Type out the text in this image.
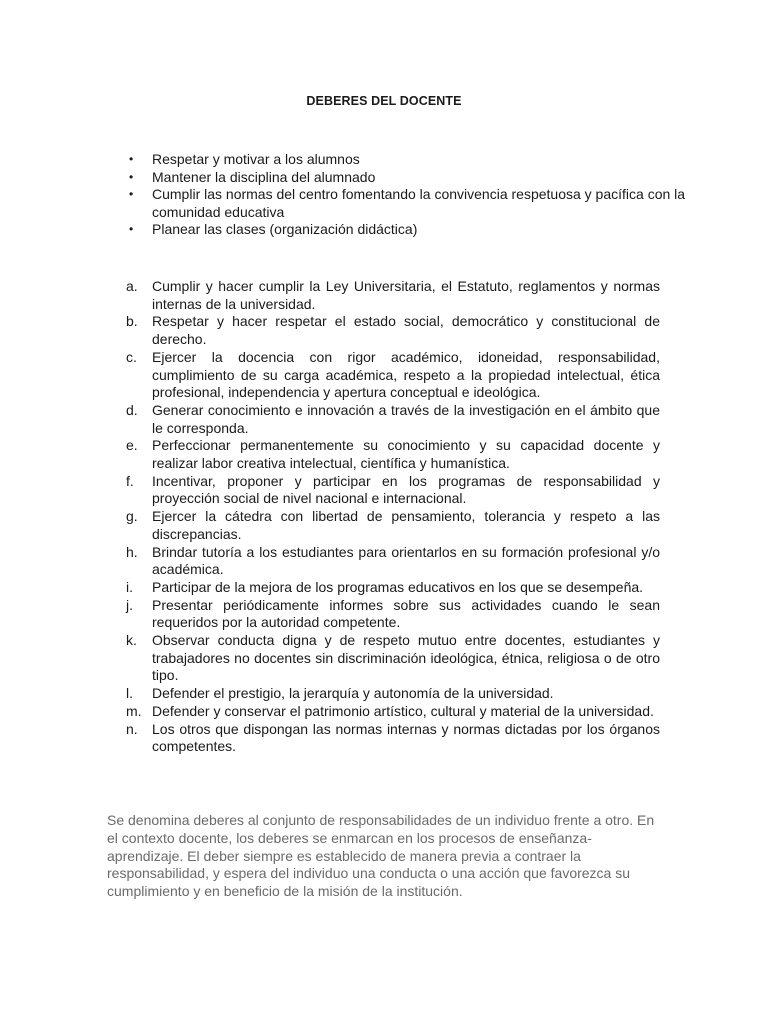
DEBERES DEL DOCENTE
• Respetar y motivar a los alumnos
• Mantener la disciplina del alumnado
• Cumplir las normas del centro fomentando la convivencia respetuosa y pacífica con la comunidad educativa
• Planear las clases (organización didáctica)
a. Cumplir y hacer cumplir la Ley Universitaria, el Estatuto, reglamentos y normas internas de la universidad.
b. Respetar y hacer respetar el estado social, democrático y constitucional de derecho.
c. Ejercer la docencia con rigor académico, idoneidad, responsabilidad, cumplimiento de su carga académica, respeto a la propiedad intelectual, ética profesional, independencia y apertura conceptual e ideológica.
d. Generar conocimiento e innovación a través de la investigación en el ámbito que le corresponda.
e. Perfeccionar permanentemente su conocimiento y su capacidad docente y realizar labor creativa intelectual, científica y humanística.
f. Incentivar, proponer y participar en los programas de responsabilidad y proyección social de nivel nacional e internacional.
g. Ejercer la cátedra con libertad de pensamiento, tolerancia y respeto a las discrepancias.
h. Brindar tutoría a los estudiantes para orientarlos en su formación profesional y/o académica.
i. Participar de la mejora de los programas educativos en los que se desempeña.
j. Presentar periódicamente informes sobre sus actividades cuando le sean requeridos por la autoridad competente.
k. Observar conducta digna y de respeto mutuo entre docentes, estudiantes y trabajadores no docentes sin discriminación ideológica, étnica, religiosa o de otro tipo.
l. Defender el prestigio, la jerarquía y autonomía de la universidad.
m. Defender y conservar el patrimonio artístico, cultural y material de la universidad.
n. Los otros que dispongan las normas internas y normas dictadas por los órganos competentes.

Se denomina deberes al conjunto de responsabilidades de un individuo frente a otro. En el contexto docente, los deberes se enmarcan en los procesos de enseñanza-aprendizaje. El deber siempre es establecido de manera previa a contraer la responsabilidad, y espera del individuo una conducta o una acción que favorezca su cumplimiento y en beneficio de la misión de la institución.
